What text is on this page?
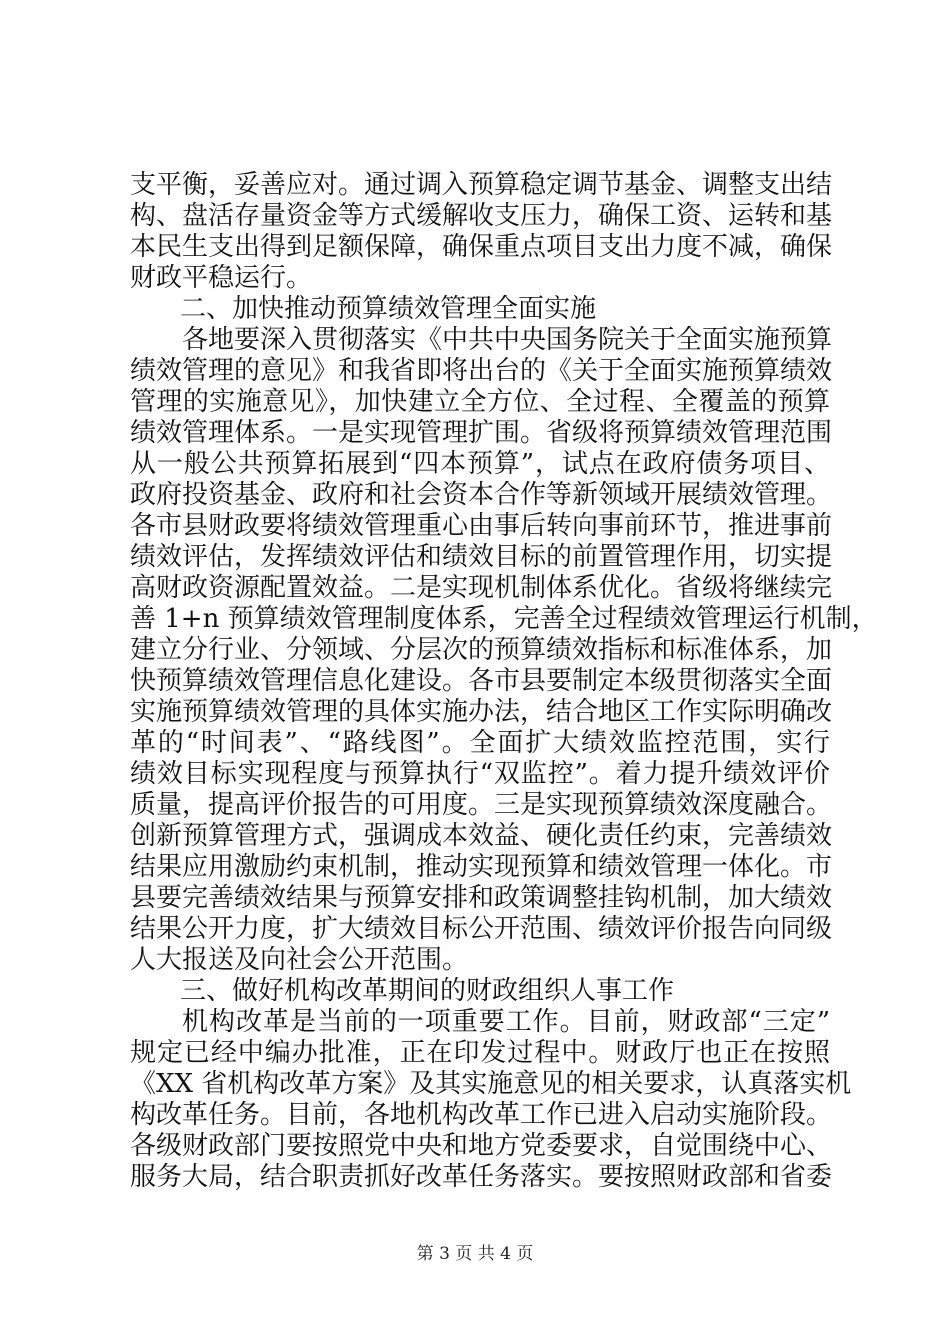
支平衡，妥善应对。通过调入预算稳定调节基金、调整支出结
构、盘活存量资金等方式缓解收支压力，确保工资、运转和基
本民生支出得到足额保障，确保重点项目支出力度不减，确保
财政平稳运行。
二、加快推动预算绩效管理全面实施
各地要深入贯彻落实《中共中央国务院关于全面实施预算
绩效管理的意见》和我省即将出台的《关于全面实施预算绩效
管理的实施意见》，加快建立全方位、全过程、全覆盖的预算
绩效管理体系。一是实现管理扩围。省级将预算绩效管理范围
从一般公共预算拓展到“四本预算”，试点在政府债务项目、
政府投资基金、政府和社会资本合作等新领域开展绩效管理。
各市县财政要将绩效管理重心由事后转向事前环节，推进事前
绩效评估，发挥绩效评估和绩效目标的前置管理作用，切实提
高财政资源配置效益。二是实现机制体系优化。省级将继续完
善 1+n 预算绩效管理制度体系，完善全过程绩效管理运行机制，
建立分行业、分领域、分层次的预算绩效指标和标准体系，加
快预算绩效管理信息化建设。各市县要制定本级贯彻落实全面
实施预算绩效管理的具体实施办法，结合地区工作实际明确改
革的“时间表”、“路线图”。全面扩大绩效监控范围，实行
绩效目标实现程度与预算执行“双监控”。着力提升绩效评价
质量，提高评价报告的可用度。三是实现预算绩效深度融合。
创新预算管理方式，强调成本效益、硬化责任约束，完善绩效
结果应用激励约束机制，推动实现预算和绩效管理一体化。市
县要完善绩效结果与预算安排和政策调整挂钩机制，加大绩效
结果公开力度，扩大绩效目标公开范围、绩效评价报告向同级
人大报送及向社会公开范围。
三、做好机构改革期间的财政组织人事工作
机构改革是当前的一项重要工作。目前，财政部“三定”
规定已经中编办批准，正在印发过程中。财政厅也正在按照
《XX 省机构改革方案》及其实施意见的相关要求，认真落实机
构改革任务。目前，各地机构改革工作已进入启动实施阶段。
各级财政部门要按照党中央和地方党委要求，自觉围绕中心、
服务大局，结合职责抓好改革任务落实。要按照财政部和省委
第 3 页 共 4 页
